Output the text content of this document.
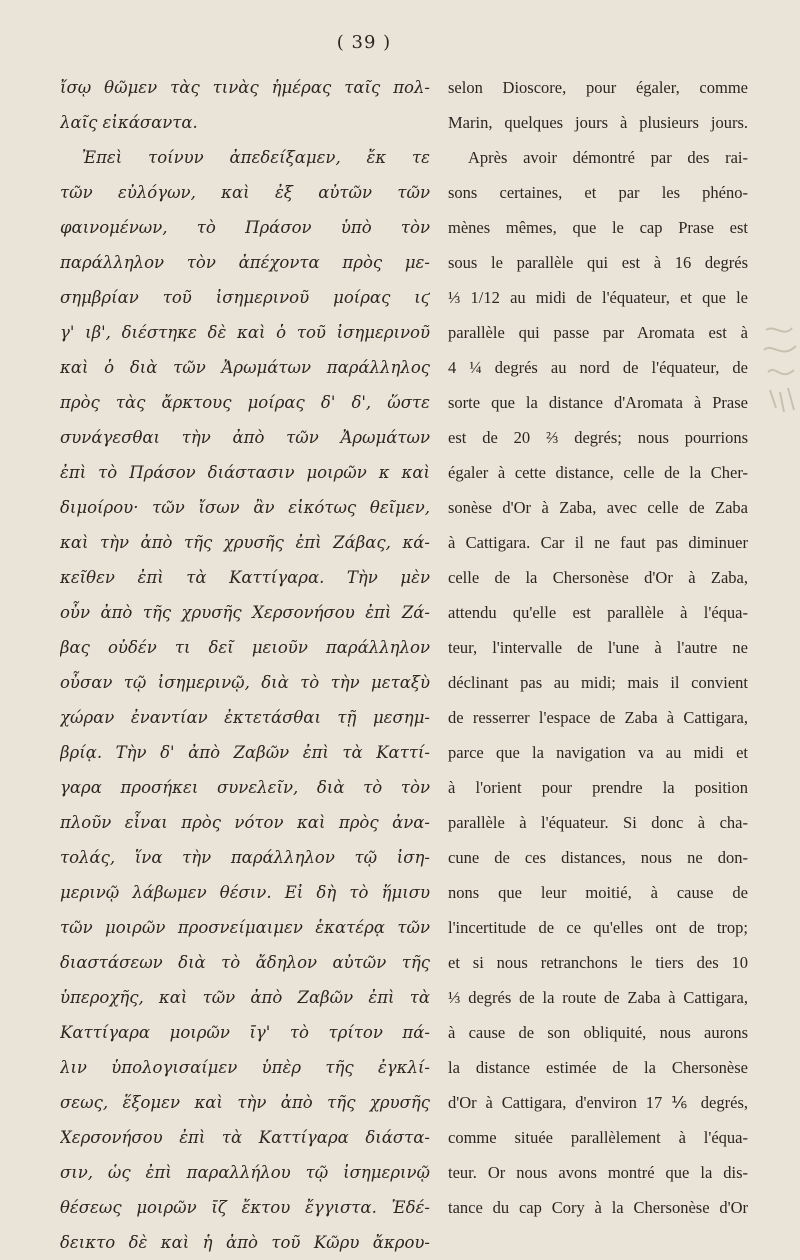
( 39 )
ἴσῳ θῶμεν τὰς τινὰς ἡμέρας ταῖς πολ-
λαῖς εἰκάσαντα.
Ἐπεὶ τοίνυν ἀπεδείξαμεν, ἔκ τε
τῶν εὐλόγων, καὶ ἐξ αὐτῶν τῶν
φαινομένων, τὸ Πράσον ὑπὸ τὸν
παράλληλον τὸν ἀπέχοντα πρὸς με-
σημβρίαν τοῦ ἰσημερινοῦ μοίρας ιϛ
γ' ιβ', διέστηκε δὲ καὶ ὁ τοῦ ἰσημερινοῦ
καὶ ὁ διὰ τῶν Ἀρωμάτων παράλληλος
πρὸς τὰς ἄρκτους μοίρας δ' δ', ὥστε
συνάγεσθαι τὴν ἀπὸ τῶν Ἀρωμάτων
ἐπὶ τὸ Πράσον διάστασιν μοιρῶν κ καὶ
διμοίρου· τῶν ἴσων ἂν εἰκότως θεῖμεν,
καὶ τὴν ἀπὸ τῆς χρυσῆς ἐπὶ Ζάβας, κά-
κεῖθεν ἐπὶ τὰ Καττίγαρα. Τὴν μὲν
οὖν ἀπὸ τῆς χρυσῆς Χερσονήσου ἐπὶ Ζά-
βας οὐδέν τι δεῖ μειοῦν παράλληλον
οὖσαν τῷ ἰσημερινῷ, διὰ τὸ τὴν μεταξὺ
χώραν ἐναντίαν ἐκτετάσθαι τῇ μεσημ-
βρίᾳ. Τὴν δ' ἀπὸ Ζαβῶν ἐπὶ τὰ Καττί-
γαρα προσήκει συνελεῖν, διὰ τὸ τὸν
πλοῦν εἶναι πρὸς νότον καὶ πρὸς ἀνα-
τολάς, ἵνα τὴν παράλληλον τῷ ἰση-
μερινῷ λάβωμεν θέσιν. Εἰ δὴ τὸ ἥμισυ
τῶν μοιρῶν προσνείμαιμεν ἑκατέρᾳ τῶν
διαστάσεων διὰ τὸ ἄδηλον αὐτῶν τῆς
ὑπεροχῆς, καὶ τῶν ἀπὸ Ζαβῶν ἐπὶ τὰ
Καττίγαρα μοιρῶν ῑγ' τὸ τρίτον πά-
λιν ὑπολογισαίμεν ὑπὲρ τῆς ἐγκλί-
σεως, ἕξομεν καὶ τὴν ἀπὸ τῆς χρυσῆς
Χερσονήσου ἐπὶ τὰ Καττίγαρα διάστα-
σιν, ὡς ἐπὶ παραλλήλου τῷ ἰσημερινῷ
θέσεως μοιρῶν ῑζ ἔκτου ἔγγιστα. Ἐδέ-
δεικτο δὲ καὶ ἡ ἀπὸ τοῦ Κῶρυ ἄκρου-
selon Dioscore, pour égaler, comme
Marin, quelques jours à plusieurs jours.
Après avoir démontré par des rai-
sons certaines, et par les phéno-
mènes mêmes, que le cap Prase est
sous le parallèle qui est à 16 degrés
⅓ 1/12 au midi de l'équateur, et que le
parallèle qui passe par Aromata est à
4 ¼ degrés au nord de l'équateur, de
sorte que la distance d'Aromata à Prase
est de 20 ⅔ degrés; nous pourrions
égaler à cette distance, celle de la Cher-
sonèse d'Or à Zaba, avec celle de Zaba
à Cattigara. Car il ne faut pas diminuer
celle de la Chersonèse d'Or à Zaba,
attendu qu'elle est parallèle à l'équa-
teur, l'intervalle de l'une à l'autre ne
déclinant pas au midi; mais il convient
de resserrer l'espace de Zaba à Cattigara,
parce que la navigation va au midi et
à l'orient pour prendre la position
parallèle à l'équateur. Si donc à cha-
cune de ces distances, nous ne don-
nons que leur moitié, à cause de
l'incertitude de ce qu'elles ont de trop;
et si nous retranchons le tiers des 10
⅓ degrés de la route de Zaba à Cattigara,
à cause de son obliquité, nous aurons
la distance estimée de la Chersonèse
d'Or à Cattigara, d'environ 17 ⅙ degrés,
comme située parallèlement à l'équa-
teur. Or nous avons montré que la dis-
tance du cap Cory à la Chersonèse d'Or
